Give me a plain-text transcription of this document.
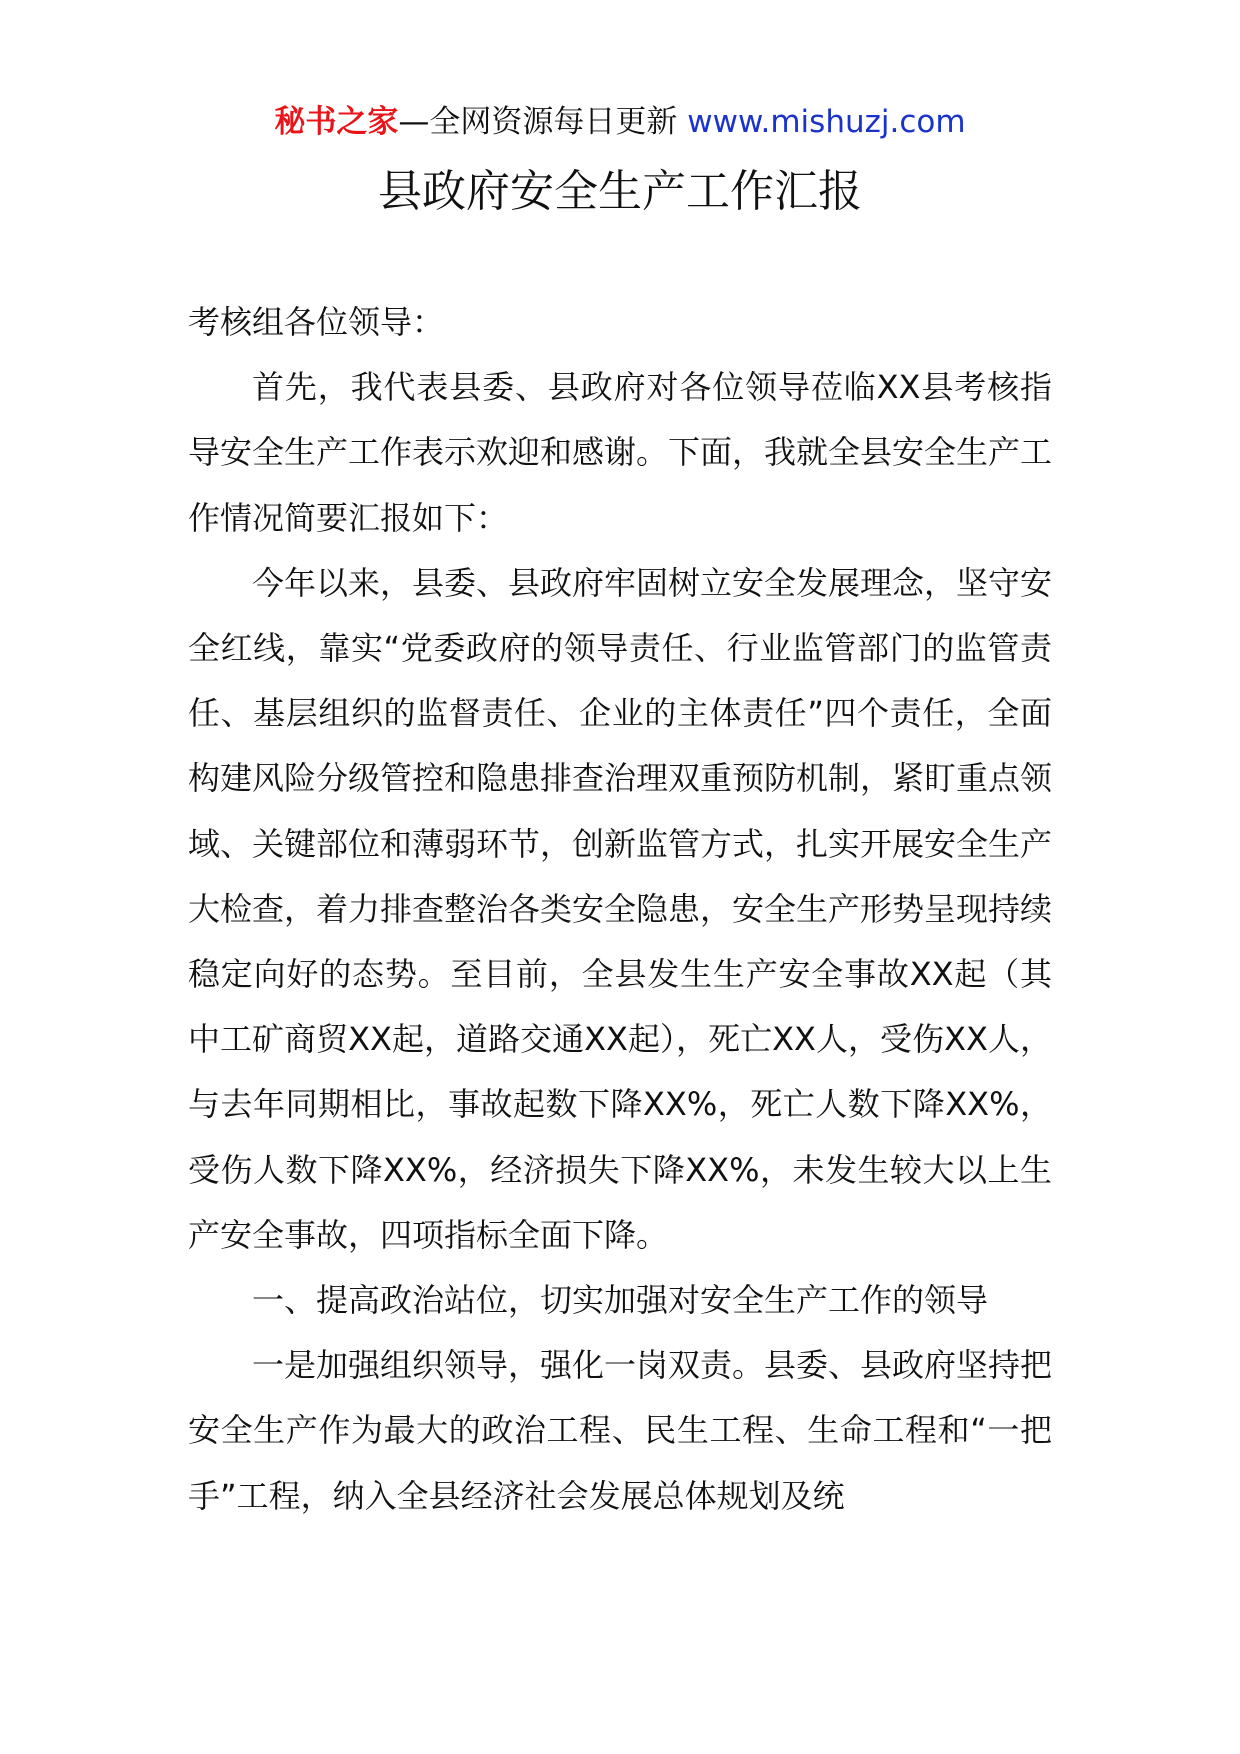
秘书之家—全网资源每日更新 www.mishuzj.com
县政府安全生产工作汇报

考核组各位领导：

首先，我代表县委、县政府对各位领导莅临XX县考核指导安全生产工作表示欢迎和感谢。下面，我就全县安全生产工作情况简要汇报如下：

今年以来，县委、县政府牢固树立安全发展理念，坚守安全红线，靠实“党委政府的领导责任、行业监管部门的监管责任、基层组织的监督责任、企业的主体责任”四个责任，全面构建风险分级管控和隐患排查治理双重预防机制，紧盯重点领域、关键部位和薄弱环节，创新监管方式，扎实开展安全生产大检查，着力排查整治各类安全隐患，安全生产形势呈现持续稳定向好的态势。至目前，全县发生生产安全事故XX起（其中工矿商贸XX起，道路交通XX起），死亡XX人，受伤XX人，与去年同期相比，事故起数下降XX%，死亡人数下降XX%，受伤人数下降XX%，经济损失下降XX%，未发生较大以上生产安全事故，四项指标全面下降。

一、提高政治站位，切实加强对安全生产工作的领导

一是加强组织领导，强化一岗双责。县委、县政府坚持把安全生产作为最大的政治工程、民生工程、生命工程和“一把手”工程，纳入全县经济社会发展总体规划及统
